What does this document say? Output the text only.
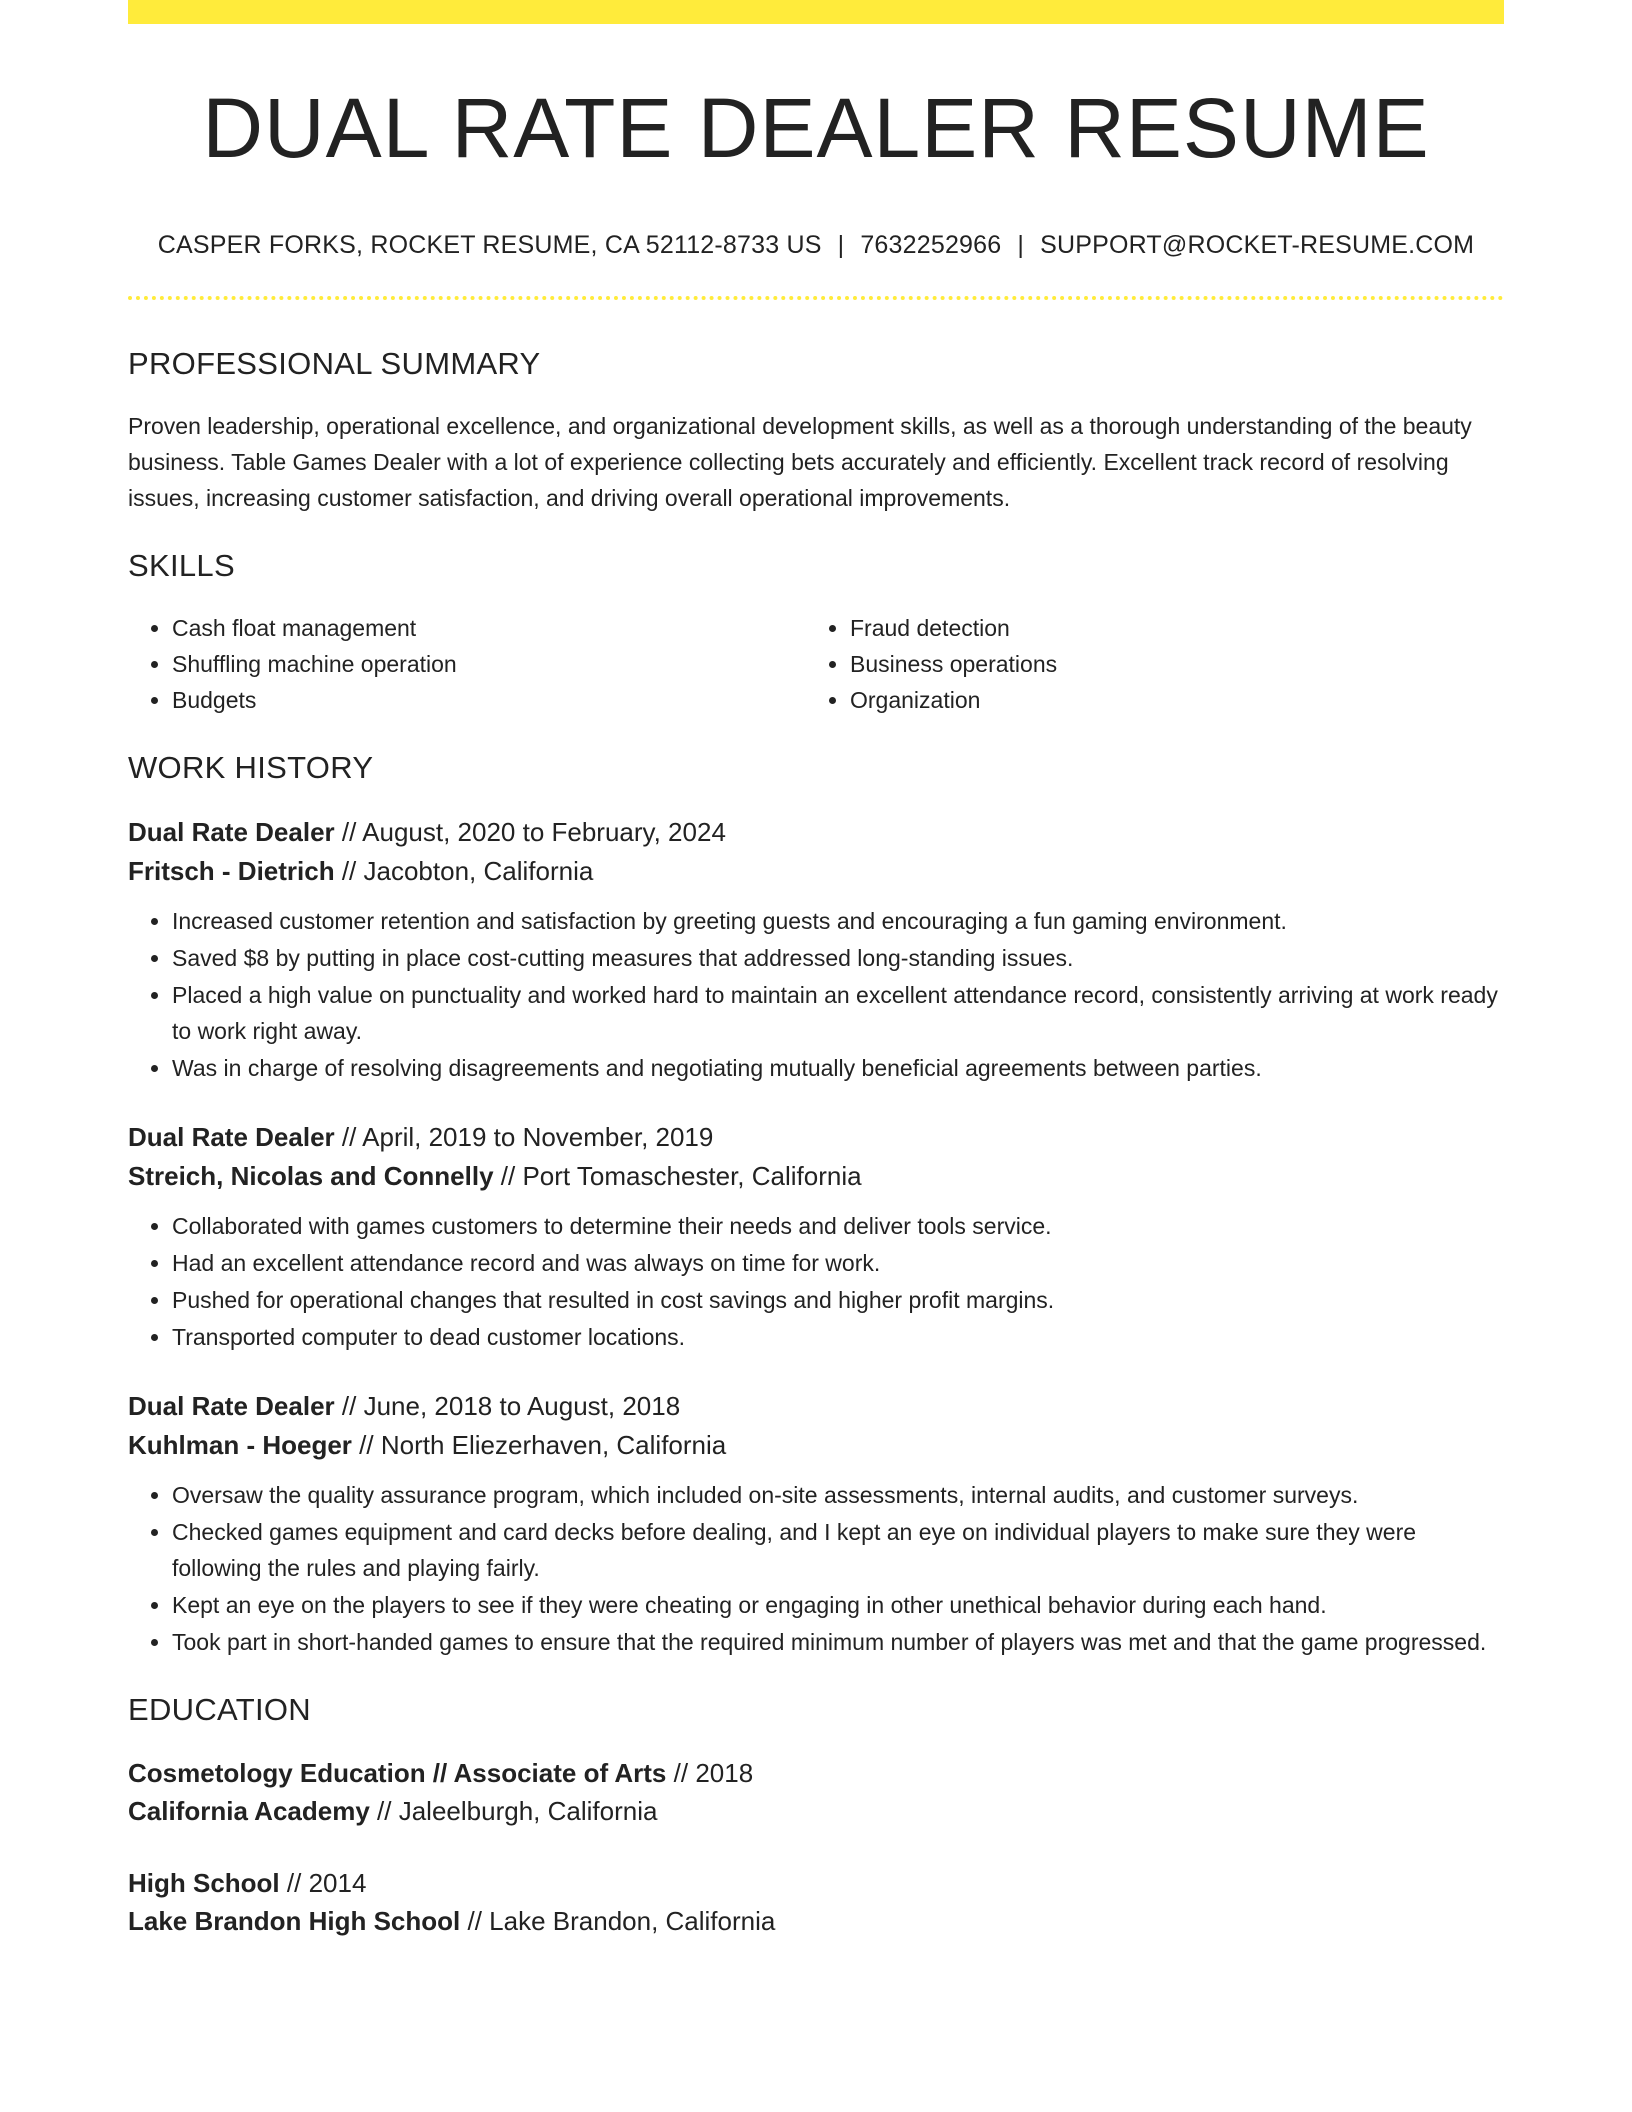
DUAL RATE DEALER RESUME
CASPER FORKS, ROCKET RESUME, CA 52112-8733 US | 7632252966 | SUPPORT@ROCKET-RESUME.COM
PROFESSIONAL SUMMARY
Proven leadership, operational excellence, and organizational development skills, as well as a thorough understanding of the beauty business. Table Games Dealer with a lot of experience collecting bets accurately and efficiently. Excellent track record of resolving issues, increasing customer satisfaction, and driving overall operational improvements.
SKILLS
• Cash float management
• Shuffling machine operation
• Budgets
• Fraud detection
• Business operations
• Organization
WORK HISTORY
Dual Rate Dealer // August, 2020 to February, 2024
Fritsch - Dietrich // Jacobton, California
• Increased customer retention and satisfaction by greeting guests and encouraging a fun gaming environment.
• Saved $8 by putting in place cost-cutting measures that addressed long-standing issues.
• Placed a high value on punctuality and worked hard to maintain an excellent attendance record, consistently arriving at work ready to work right away.
• Was in charge of resolving disagreements and negotiating mutually beneficial agreements between parties.
Dual Rate Dealer // April, 2019 to November, 2019
Streich, Nicolas and Connelly // Port Tomaschester, California
• Collaborated with games customers to determine their needs and deliver tools service.
• Had an excellent attendance record and was always on time for work.
• Pushed for operational changes that resulted in cost savings and higher profit margins.
• Transported computer to dead customer locations.
Dual Rate Dealer // June, 2018 to August, 2018
Kuhlman - Hoeger // North Eliezerhaven, California
• Oversaw the quality assurance program, which included on-site assessments, internal audits, and customer surveys.
• Checked games equipment and card decks before dealing, and I kept an eye on individual players to make sure they were following the rules and playing fairly.
• Kept an eye on the players to see if they were cheating or engaging in other unethical behavior during each hand.
• Took part in short-handed games to ensure that the required minimum number of players was met and that the game progressed.
EDUCATION
Cosmetology Education // Associate of Arts // 2018
California Academy // Jaleelburgh, California
High School // 2014
Lake Brandon High School // Lake Brandon, California
